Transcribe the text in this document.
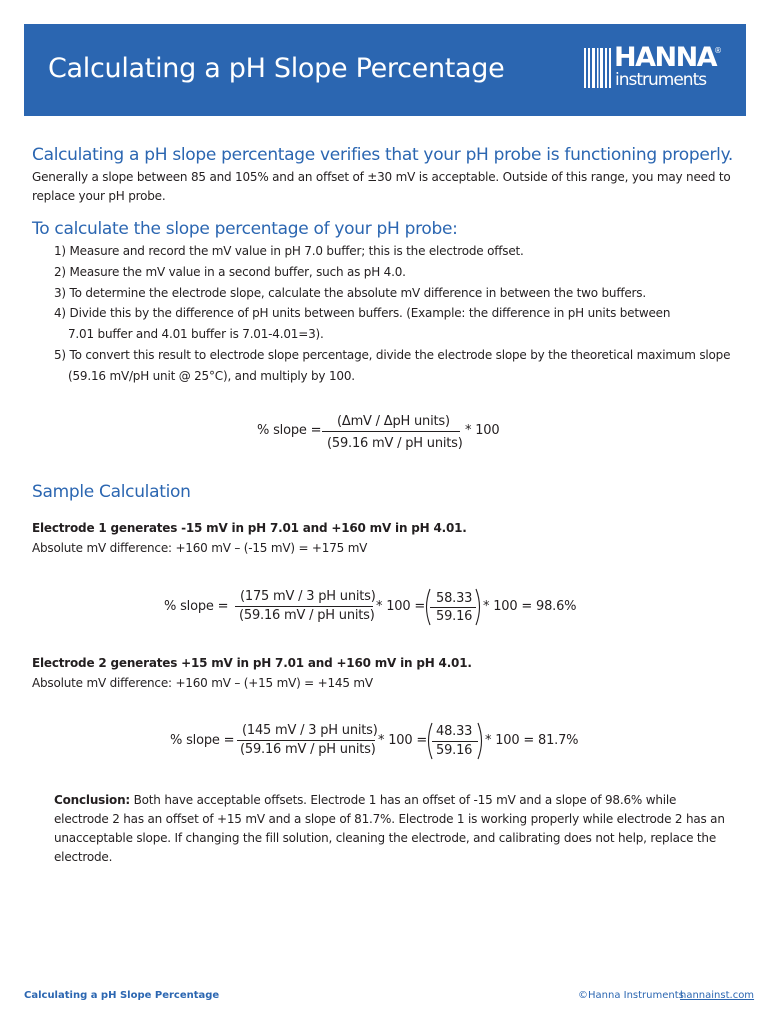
Calculating a pH Slope Percentage	HANNA
®
instruments
Calculating a pH slope percentage verifies that your pH probe is functioning properly.
Generally a slope between 85 and 105% and an offset of ±30 mV is acceptable. Outside of this range, you may need to
replace your pH probe.
To calculate the slope percentage of your pH probe:
1) Measure and record the mV value in pH 7.0 buffer; this is the electrode offset.
2) Measure the mV value in a second buffer, such as pH 4.0.
3) To determine the electrode slope, calculate the absolute mV difference in between the two buffers.
4) Divide this by the difference of pH units between buffers. (Example: the difference in pH units between
7.01 buffer and 4.01 buffer is 7.01-4.01=3).
5) To convert this result to electrode slope percentage, divide the electrode slope by the theoretical maximum slope
(59.16 mV/pH unit @ 25°C), and multiply by 100.
% slope =
(ΔmV / ΔpH units)
(59.16 mV / pH units)
* 100
Sample Calculation
Electrode 1 generates -15 mV in pH 7.01 and +160 mV in pH 4.01.
Absolute mV difference: +160 mV – (-15 mV) = +175 mV
% slope =
(175 mV / 3 pH units)
(59.16 mV / pH units)
* 100 =
58.33
59.16
* 100 = 98.6%
Electrode 2 generates +15 mV in pH 7.01 and +160 mV in pH 4.01.
Absolute mV difference: +160 mV – (+15 mV) = +145 mV
% slope =
(145 mV / 3 pH units)
(59.16 mV / pH units)
* 100 =
48.33
59.16
* 100 = 81.7%
Conclusion: Both have acceptable offsets. Electrode 1 has an offset of -15 mV and a slope of 98.6% while electrode 2 has an offset of +15 mV and a slope of 81.7%. Electrode 1 is working properly while electrode 2 has an unacceptable slope. If changing the fill solution, cleaning the electrode, and calibrating does not help, replace the electrode.
Calculating a pH Slope Percentage	©Hanna Instruments
hannainst.com
